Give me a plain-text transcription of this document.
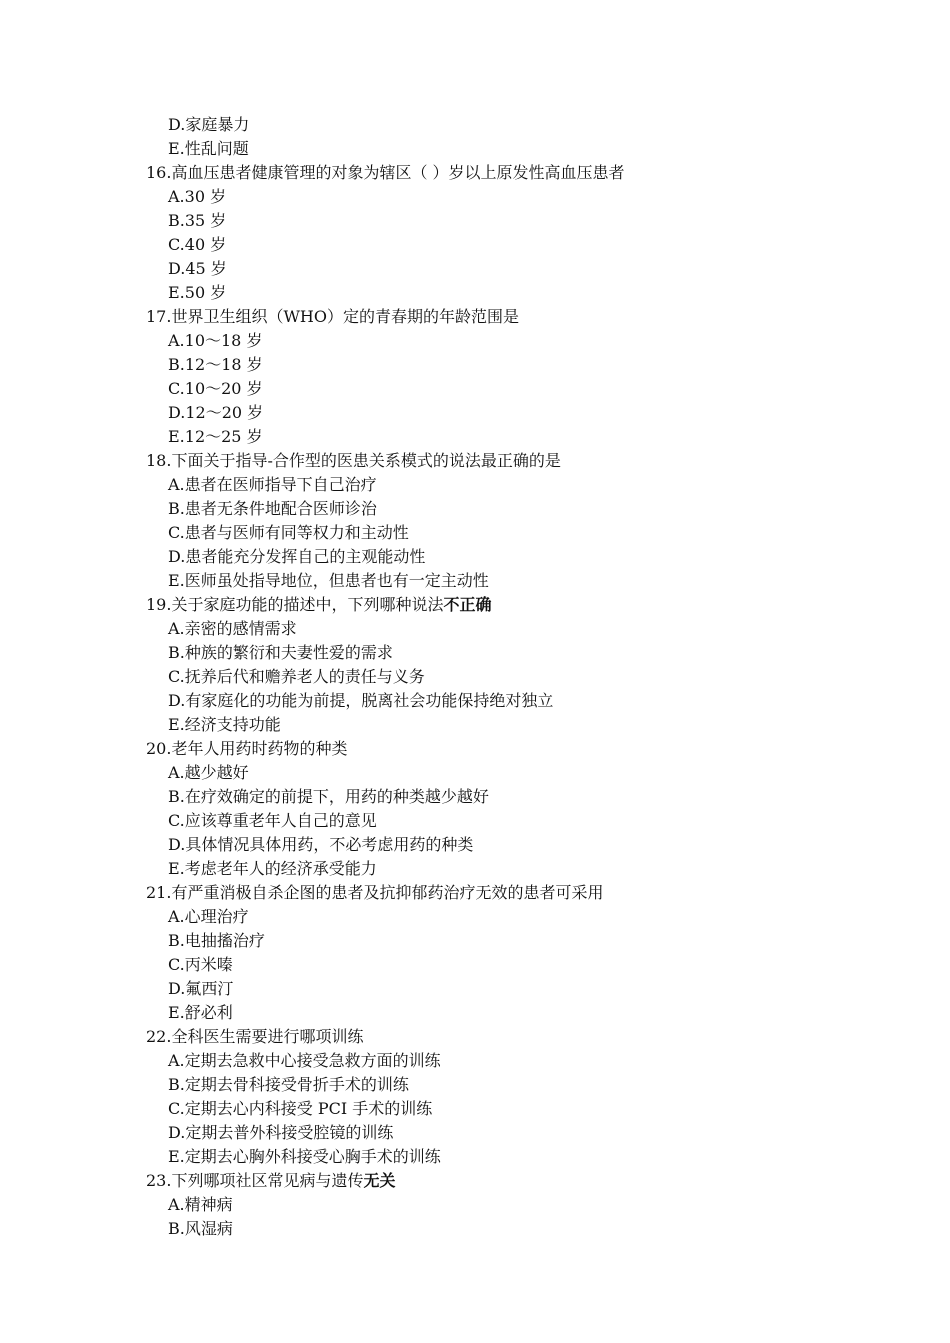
D.家庭暴力
E.性乱问题
16.高血压患者健康管理的对象为辖区（ ）岁以上原发性高血压患者
A.30 岁
B.35 岁
C.40 岁
D.45 岁
E.50 岁
17.世界卫生组织（WHO）定的青春期的年龄范围是
A.10～18 岁
B.12～18 岁
C.10～20 岁
D.12～20 岁
E.12～25 岁
18.下面关于指导-合作型的医患关系模式的说法最正确的是
A.患者在医师指导下自己治疗
B.患者无条件地配合医师诊治
C.患者与医师有同等权力和主动性
D.患者能充分发挥自己的主观能动性
E.医师虽处指导地位，但患者也有一定主动性
19.关于家庭功能的描述中，下列哪种说法不正确
A.亲密的感情需求
B.种族的繁衍和夫妻性爱的需求
C.抚养后代和赡养老人的责任与义务
D.有家庭化的功能为前提，脱离社会功能保持绝对独立
E.经济支持功能
20.老年人用药时药物的种类
A.越少越好
B.在疗效确定的前提下，用药的种类越少越好
C.应该尊重老年人自己的意见
D.具体情况具体用药，不必考虑用药的种类
E.考虑老年人的经济承受能力
21.有严重消极自杀企图的患者及抗抑郁药治疗无效的患者可采用
A.心理治疗
B.电抽搐治疗
C.丙米嗪
D.氟西汀
E.舒必利
22.全科医生需要进行哪项训练
A.定期去急救中心接受急救方面的训练
B.定期去骨科接受骨折手术的训练
C.定期去心内科接受 PCI 手术的训练
D.定期去普外科接受腔镜的训练
E.定期去心胸外科接受心胸手术的训练
23.下列哪项社区常见病与遗传无关
A.精神病
B.风湿病
